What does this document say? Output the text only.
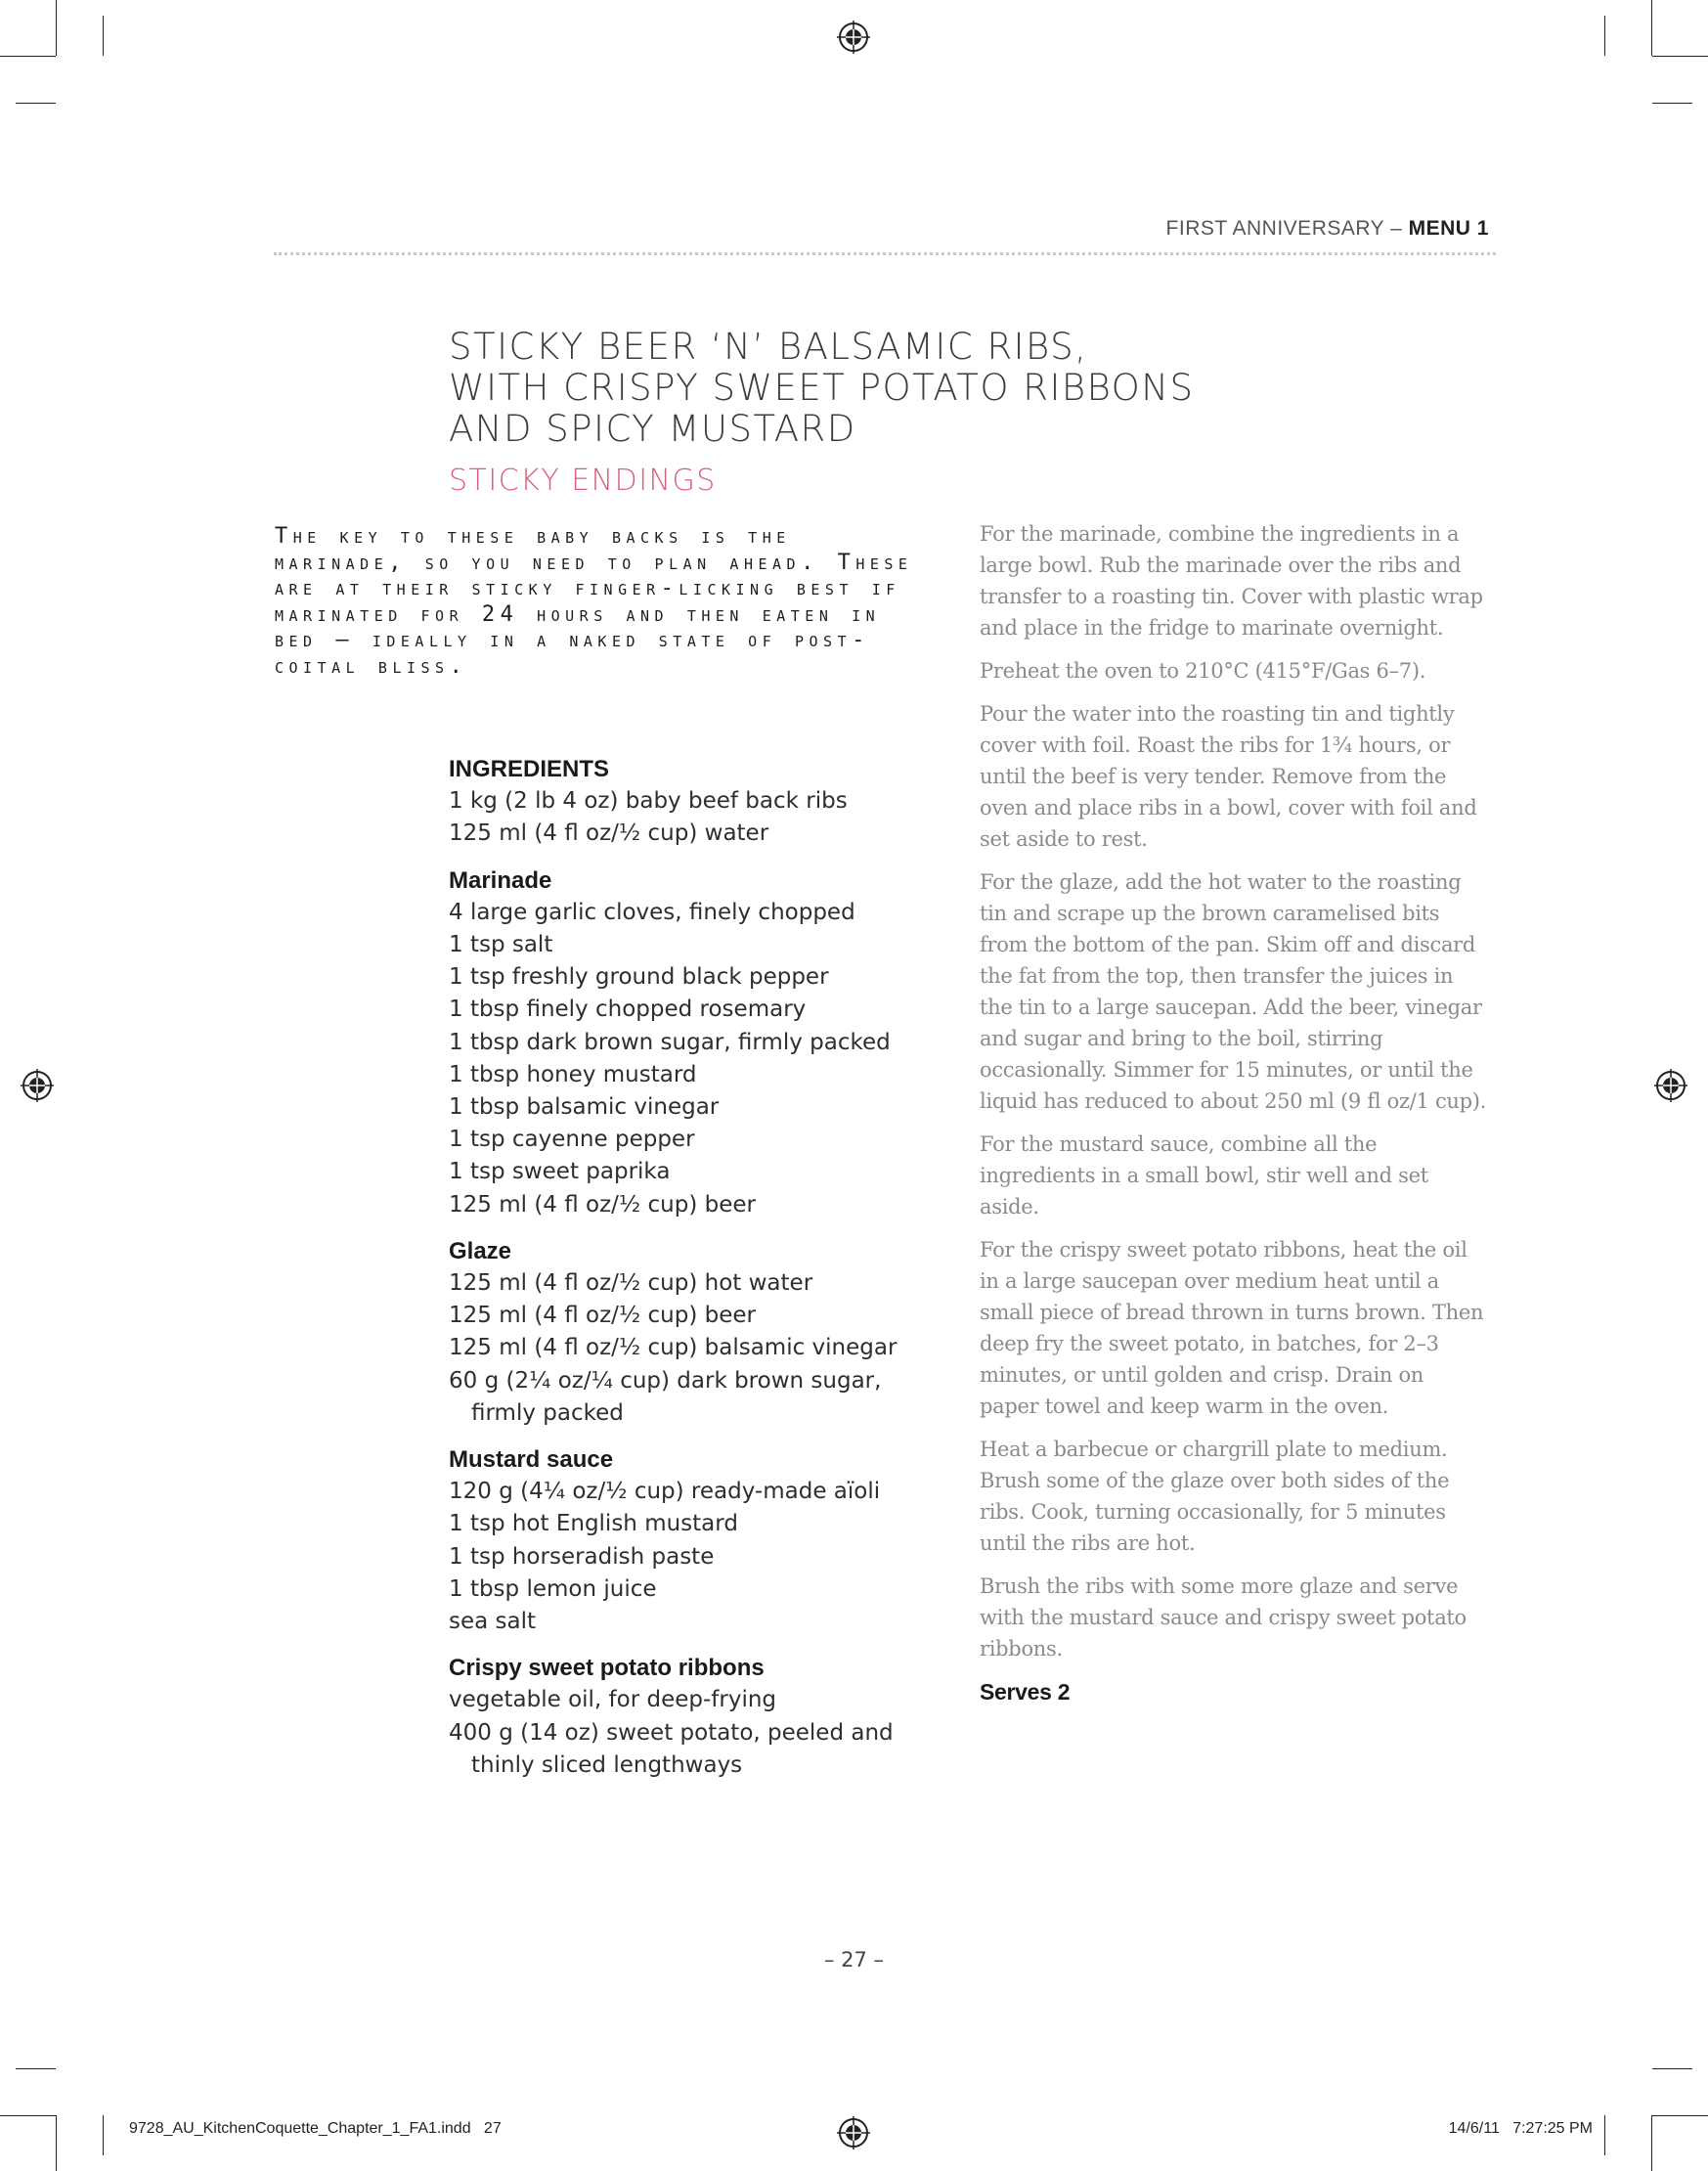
FIRST ANNIVERSARY – MENU 1
STICKY BEER ‘N’ BALSAMIC RIBS,
WITH CRISPY SWEET POTATO RIBBONS
AND SPICY MUSTARD
STICKY ENDINGS
The key to these baby backs is the marinade, so you need to plan ahead. These are at their sticky finger-licking best if marinated for 24 hours and then eaten in bed — ideally in a naked state of post-coital bliss.
INGREDIENTS
1 kg (2 lb 4 oz) baby beef back ribs
125 ml (4 fl oz/½ cup) water
Marinade
4 large garlic cloves, finely chopped
1 tsp salt
1 tsp freshly ground black pepper
1 tbsp finely chopped rosemary
1 tbsp dark brown sugar, firmly packed
1 tbsp honey mustard
1 tbsp balsamic vinegar
1 tsp cayenne pepper
1 tsp sweet paprika
125 ml (4 fl oz/½ cup) beer
Glaze
125 ml (4 fl oz/½ cup) hot water
125 ml (4 fl oz/½ cup) beer
125 ml (4 fl oz/½ cup) balsamic vinegar
60 g (2¼ oz/¼ cup) dark brown sugar,
firmly packed
Mustard sauce
120 g (4¼ oz/½ cup) ready-made aïoli
1 tsp hot English mustard
1 tsp horseradish paste
1 tbsp lemon juice
sea salt
Crispy sweet potato ribbons
vegetable oil, for deep-frying
400 g (14 oz) sweet potato, peeled and
thinly sliced lengthways

For the marinade, combine the ingredients in a large bowl. Rub the marinade over the ribs and transfer to a roasting tin. Cover with plastic wrap and place in the fridge to marinate overnight.

Preheat the oven to 210°C (415°F/Gas 6–7).

Pour the water into the roasting tin and tightly cover with foil. Roast the ribs for 1¾ hours, or until the beef is very tender. Remove from the oven and place ribs in a bowl, cover with foil and set aside to rest.

For the glaze, add the hot water to the roasting tin and scrape up the brown caramelised bits from the bottom of the pan. Skim off and discard the fat from the top, then transfer the juices in the tin to a large saucepan. Add the beer, vinegar and sugar and bring to the boil, stirring occasionally. Simmer for 15 minutes, or until the liquid has reduced to about 250 ml (9 fl oz/1 cup).

For the mustard sauce, combine all the ingredients in a small bowl, stir well and set aside.

For the crispy sweet potato ribbons, heat the oil in a large saucepan over medium heat until a small piece of bread thrown in turns brown. Then deep fry the sweet potato, in batches, for 2–3 minutes, or until golden and crisp. Drain on paper towel and keep warm in the oven.

Heat a barbecue or chargrill plate to medium. Brush some of the glaze over both sides of the ribs. Cook, turning occasionally, for 5 minutes until the ribs are hot.

Brush the ribs with some more glaze and serve with the mustard sauce and crispy sweet potato ribbons.

Serves 2
– 27 –
9728_AU_KitchenCoquette_Chapter_1_FA1.indd   27	14/6/11   7:27:25 PM
